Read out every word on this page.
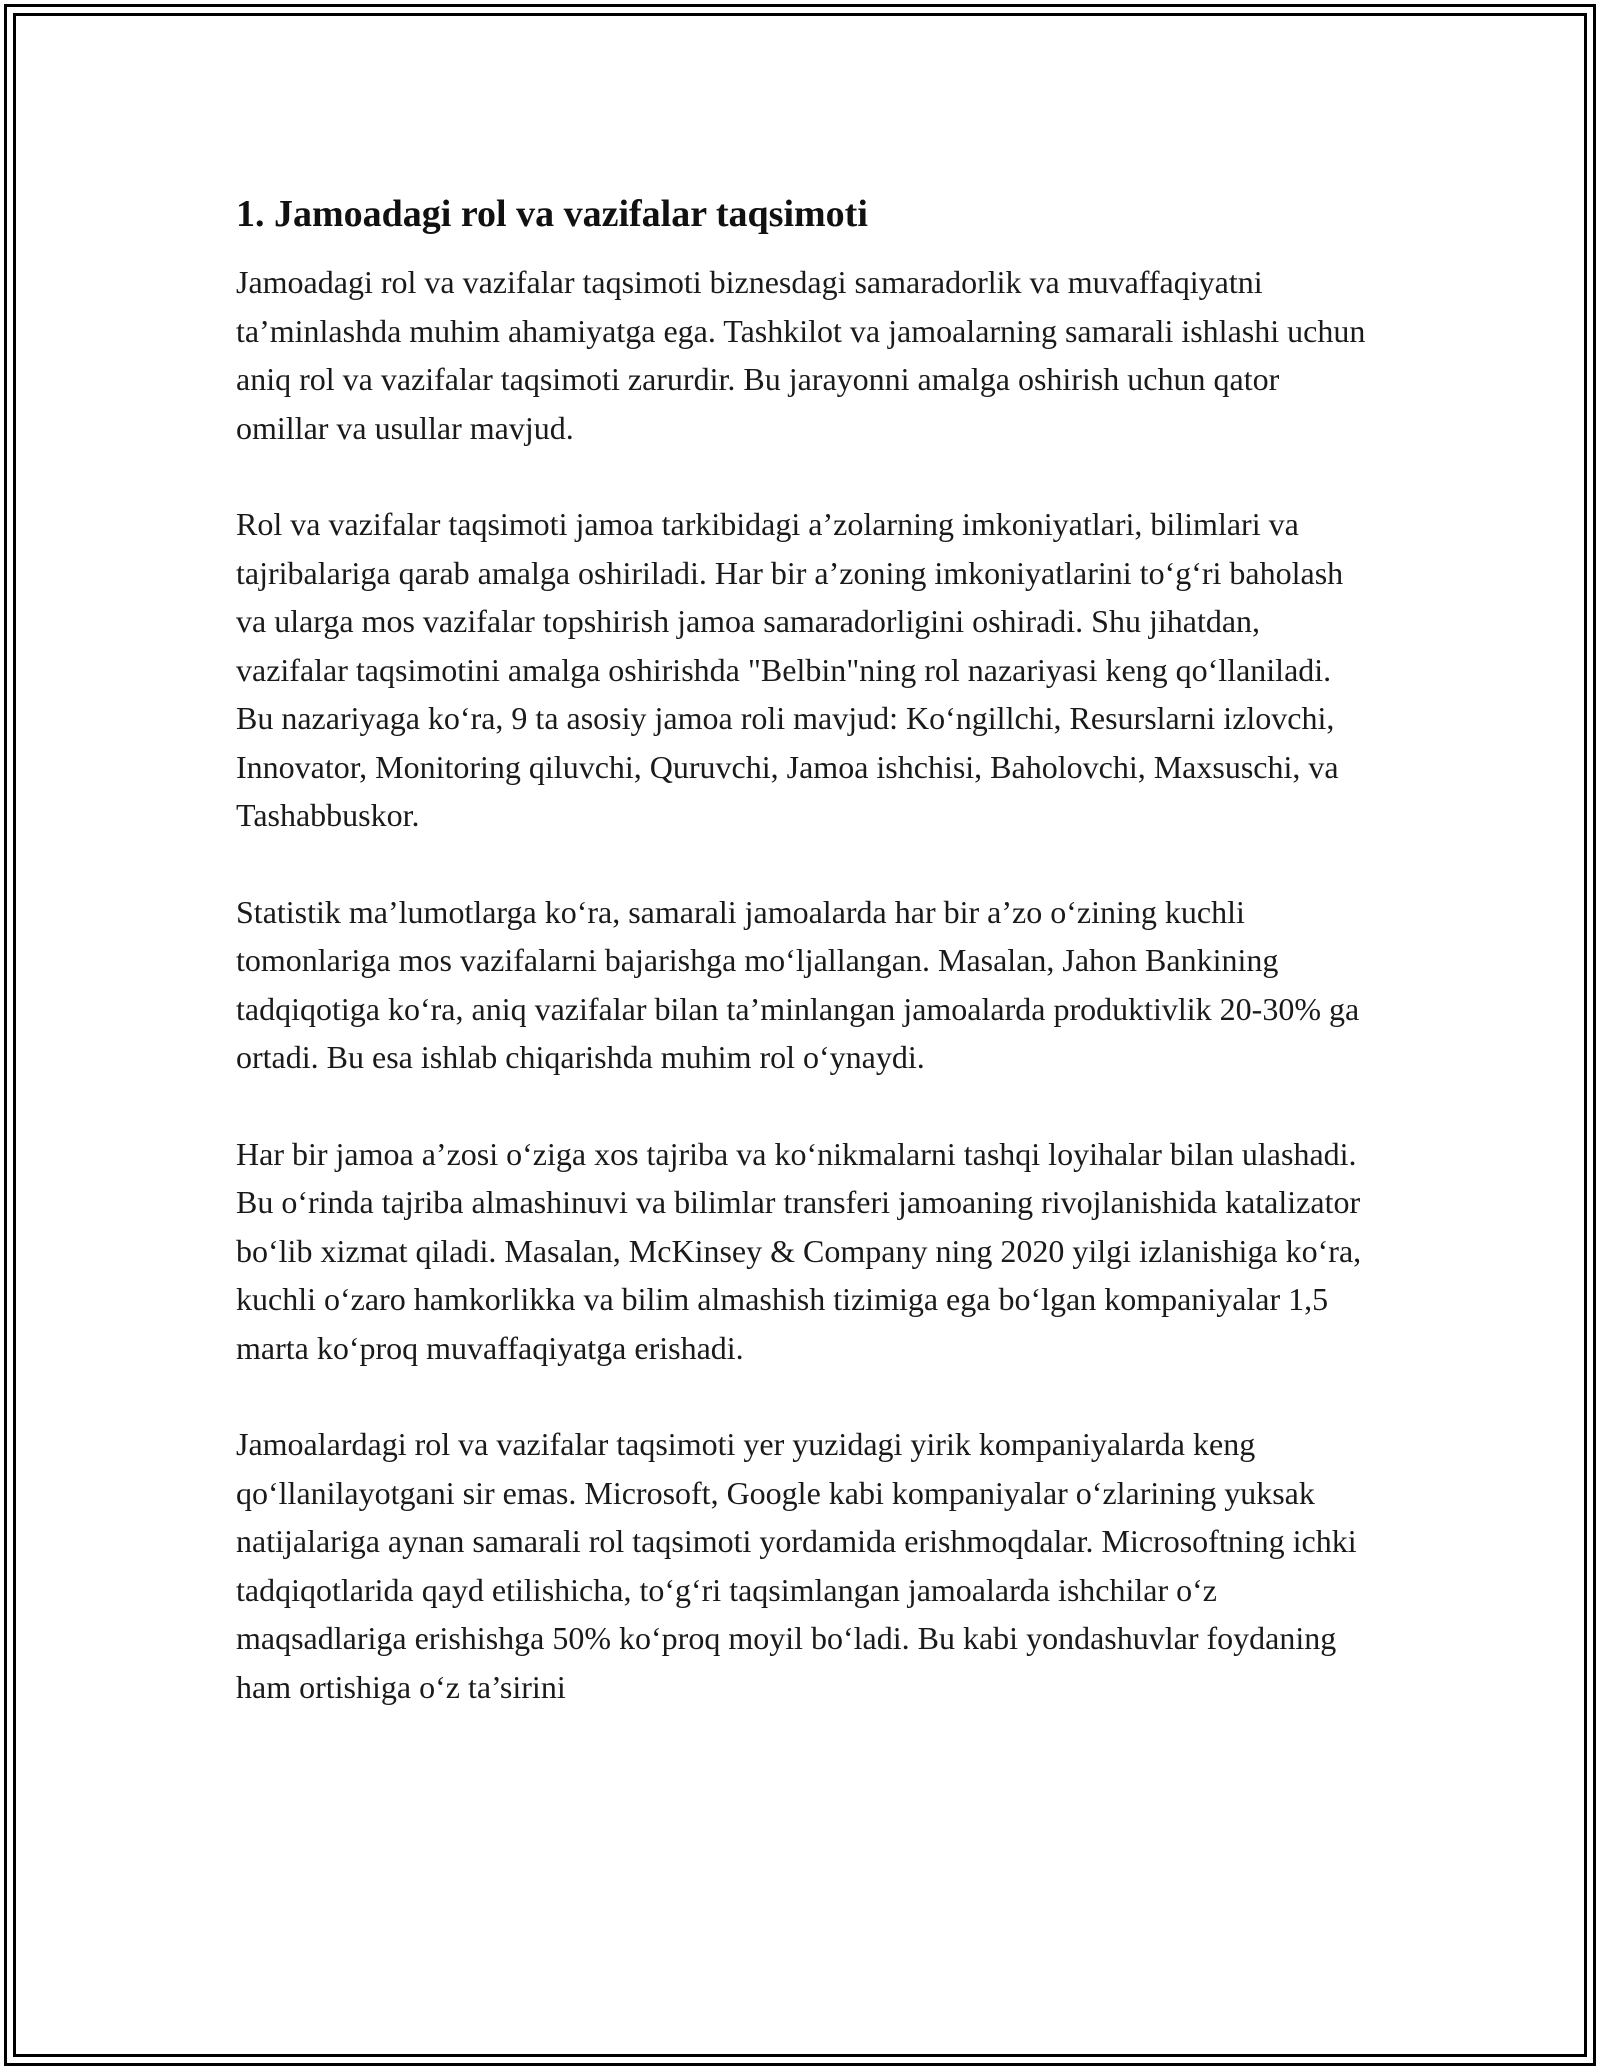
1. Jamoadagi rol va vazifalar taqsimoti

Jamoadagi rol va vazifalar taqsimoti biznesdagi samaradorlik va muvaffaqiyatni ta’minlashda muhim ahamiyatga ega. Tashkilot va jamoalarning samarali ishlashi uchun aniq rol va vazifalar taqsimoti zarurdir. Bu jarayonni amalga oshirish uchun qator omillar va usullar mavjud.

Rol va vazifalar taqsimoti jamoa tarkibidagi a’zolarning imkoniyatlari, bilimlari va tajribalariga qarab amalga oshiriladi. Har bir a’zoning imkoniyatlarini to‘g‘ri baholash va ularga mos vazifalar topshirish jamoa samaradorligini oshiradi. Shu jihatdan, vazifalar taqsimotini amalga oshirishda "Belbin"ning rol nazariyasi keng qo‘llaniladi. Bu nazariyaga ko‘ra, 9 ta asosiy jamoa roli mavjud: Ko‘ngillchi, Resurslarni izlovchi, Innovator, Monitoring qiluvchi, Quruvchi, Jamoa ishchisi, Baholovchi, Maxsuschi, va Tashabbuskor.

Statistik ma’lumotlarga ko‘ra, samarali jamoalarda har bir a’zo o‘zining kuchli tomonlariga mos vazifalarni bajarishga mo‘ljallangan. Masalan, Jahon Bankining tadqiqotiga ko‘ra, aniq vazifalar bilan ta’minlangan jamoalarda produktivlik 20-30% ga ortadi. Bu esa ishlab chiqarishda muhim rol o‘ynaydi.

Har bir jamoa a’zosi o‘ziga xos tajriba va ko‘nikmalarni tashqi loyihalar bilan ulashadi. Bu o‘rinda tajriba almashinuvi va bilimlar transferi jamoaning rivojlanishida katalizator bo‘lib xizmat qiladi. Masalan, McKinsey & Company ning 2020 yilgi izlanishiga ko‘ra, kuchli o‘zaro hamkorlikka va bilim almashish tizimiga ega bo‘lgan kompaniyalar 1,5 marta ko‘proq muvaffaqiyatga erishadi.

Jamoalardagi rol va vazifalar taqsimoti yer yuzidagi yirik kompaniyalarda keng qo‘llanilayotgani sir emas. Microsoft, Google kabi kompaniyalar o‘zlarining yuksak natijalariga aynan samarali rol taqsimoti yordamida erishmoqdalar. Microsoftning ichki tadqiqotlarida qayd etilishicha, to‘g‘ri taqsimlangan jamoalarda ishchilar o‘z maqsadlariga erishishga 50% ko‘proq moyil bo‘ladi. Bu kabi yondashuvlar foydaning ham ortishiga o‘z ta’sirini
